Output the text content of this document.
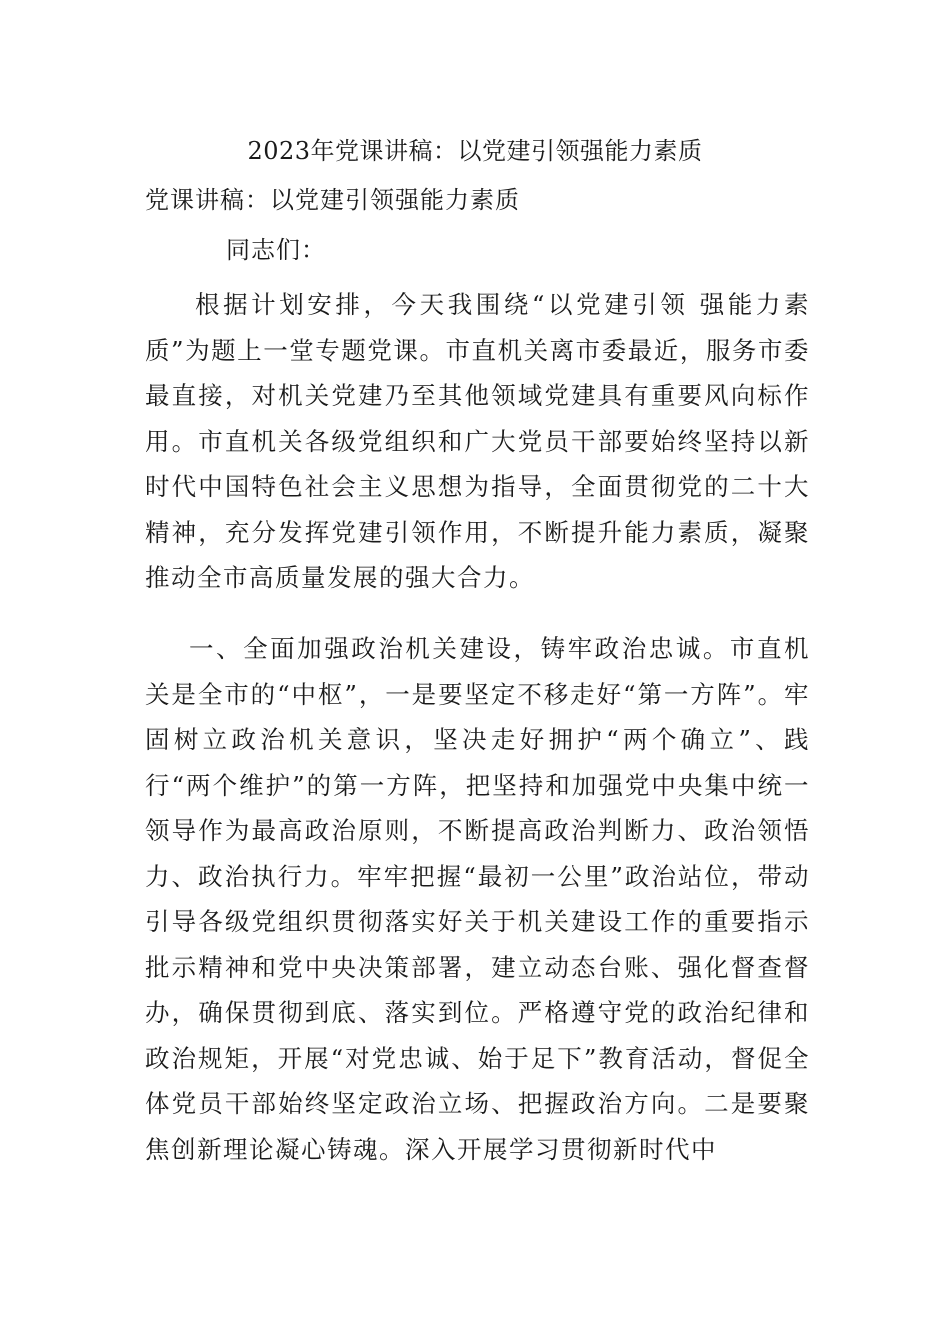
2023年党课讲稿：以党建引领强能力素质

党课讲稿：以党建引领强能力素质

同志们：

根据计划安排，今天我围绕“以党建引领 强能力素质”为题上一堂专题党课。市直机关离市委最近，服务市委最直接，对机关党建乃至其他领域党建具有重要风向标作用。市直机关各级党组织和广大党员干部要始终坚持以新时代中国特色社会主义思想为指导，全面贯彻党的二十大精神，充分发挥党建引领作用，不断提升能力素质，凝聚推动全市高质量发展的强大合力。

一、全面加强政治机关建设，铸牢政治忠诚。市直机关是全市的“中枢”，一是要坚定不移走好“第一方阵”。牢固树立政治机关意识，坚决走好拥护“两个确立”、践行“两个维护”的第一方阵，把坚持和加强党中央集中统一领导作为最高政治原则，不断提高政治判断力、政治领悟力、政治执行力。牢牢把握“最初一公里”政治站位，带动引导各级党组织贯彻落实好关于机关建设工作的重要指示批示精神和党中央决策部署，建立动态台账、强化督查督办，确保贯彻到底、落实到位。严格遵守党的政治纪律和政治规矩，开展“对党忠诚、始于足下”教育活动，督促全体党员干部始终坚定政治立场、把握政治方向。二是要聚焦创新理论凝心铸魂。深入开展学习贯彻新时代中
